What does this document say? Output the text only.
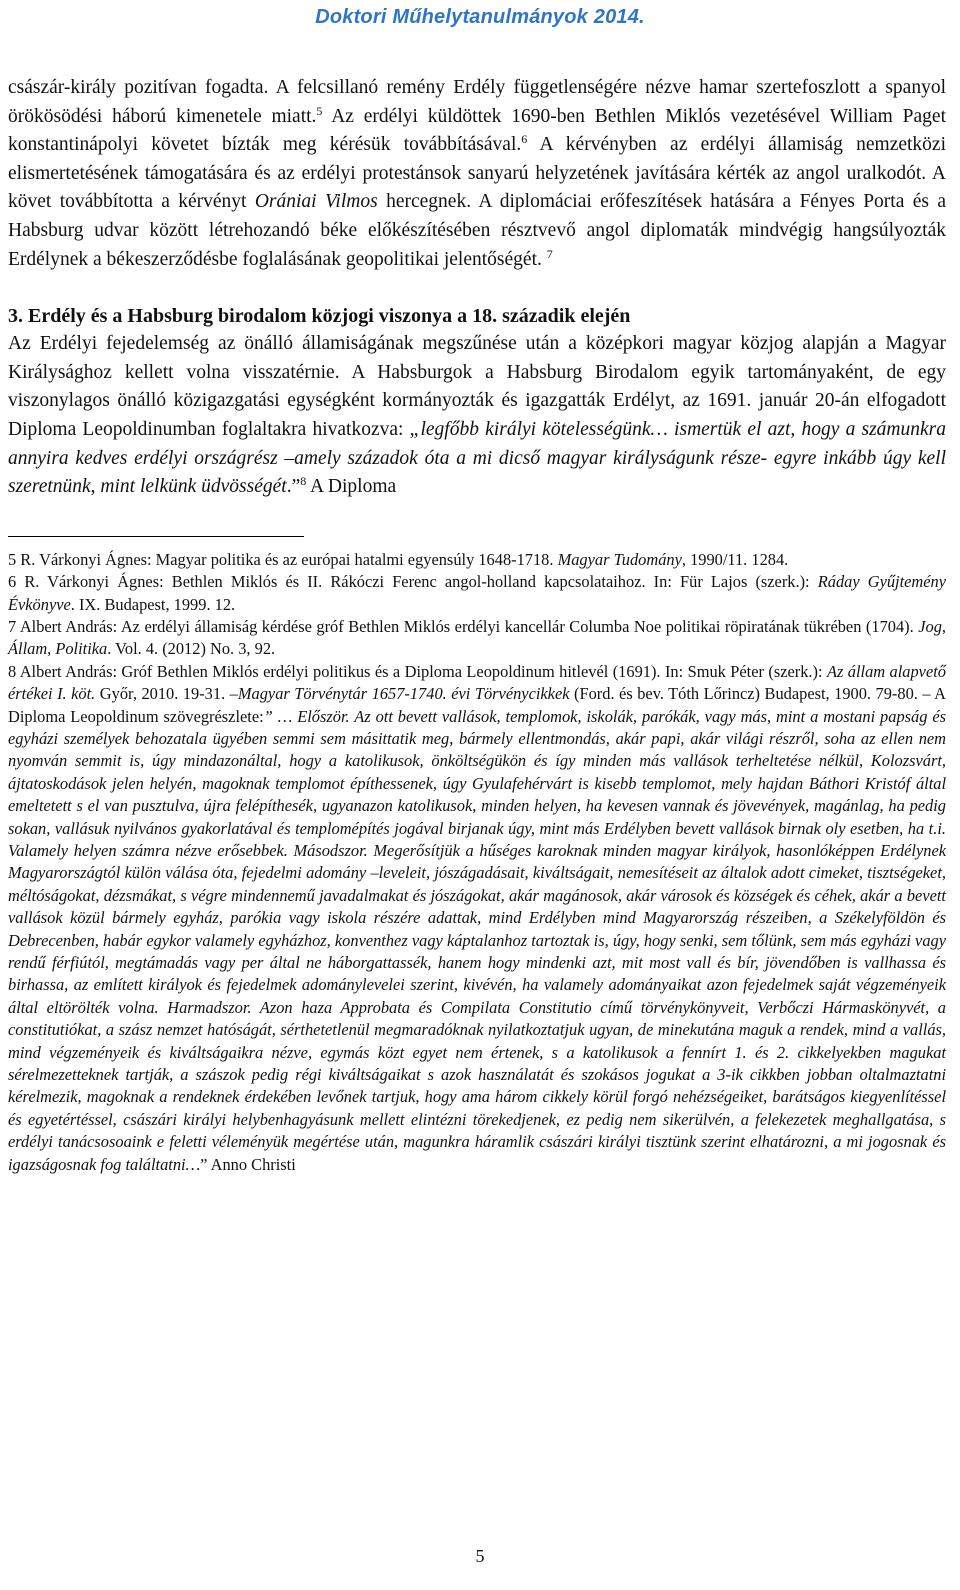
Doktori Műhelytanulmányok 2014.

császár-király pozitívan fogadta. A felcsillanó remény Erdély függetlenségére nézve hamar szertefoszlott a spanyol örökösödési háború kimenetele miatt.$^5$ Az erdélyi küldöttek 1690-ben Bethlen Miklós vezetésével William Paget konstantinápolyi követet bízták meg kérésük továbbításával.$^6$ A kérvényben az erdélyi államiság nemzetközi elismertetésének támogatására és az erdélyi protestánsok sanyarú helyzetének javítására kérték az angol uralkodót. A követ továbbította a kérvényt Orániai Vilmos hercegnek. A diplomáciai erőfeszítések hatására a Fényes Porta és a Habsburg udvar között létrehozandó béke előkészítésében résztvevő angol diplomaták mindvégig hangsúlyozták Erdélynek a békeszerződésbe foglalásának geopolitikai jelentőségét. $^7$

3. Erdély és a Habsburg birodalom közjogi viszonya a 18. századik elején

Az Erdélyi fejedelemség az önálló államiságának megszűnése után a középkori magyar közjog alapján a Magyar Királysághoz kellett volna visszatérnie. A Habsburgok a Habsburg Birodalom egyik tartományaként, de egy viszonylagos önálló közigazgatási egységként kormányozták és igazgatták Erdélyt, az 1691. január 20-án elfogadott Diploma Leopoldinumban foglaltakra hivatkozva: „legfőbb királyi kötelességünk… ismertük el azt, hogy a számunkra annyira kedves erdélyi országrész –amely századok óta a mi dicső magyar királyságunk része- egyre inkább úgy kell szeretnünk, mint lelkünk üdvösségét.”$^8$ A Diploma

5 R. Várkonyi Ágnes: Magyar politika és az európai hatalmi egyensúly 1648-1718. Magyar Tudomány, 1990/11. 1284.

6 R. Várkonyi Ágnes: Bethlen Miklós és II. Rákóczi Ferenc angol-holland kapcsolataihoz. In: Für Lajos (szerk.): Ráday Gyűjtemény Évkönyve. IX. Budapest, 1999. 12.

7 Albert András: Az erdélyi államiság kérdése gróf Bethlen Miklós erdélyi kancellár Columba Noe politikai röpiratának tükrében (1704). Jog, Állam, Politika. Vol. 4. (2012) No. 3, 92.

8 Albert András: Gróf Bethlen Miklós erdélyi politikus és a Diploma Leopoldinum hitlevél (1691). In: Smuk Péter (szerk.): Az állam alapvető értékei I. köt. Győr, 2010. 19-31. –Magyar Törvénytár 1657-1740. évi Törvénycikkek (Ford. és bev. Tóth Lőrincz) Budapest, 1900. 79-80. – A Diploma Leopoldinum szövegrészlete:” … Először. Az ott bevett vallások, templomok, iskolák, parókák, vagy más, mint a mostani papság és egyházi személyek behozatala ügyében semmi sem másittatik meg, bármely ellentmondás, akár papi, akár világi részről, soha az ellen nem nyomván semmit is, úgy mindazonáltal, hogy a katolikusok, önköltségükön és így minden más vallások terheltetése nélkül, Kolozsvárt, ájtatoskodások jelen helyén, magoknak templomot építhessenek, úgy Gyulafehérvárt is kisebb templomot, mely hajdan Báthori Kristóf által emeltetett s el van pusztulva, újra felépíthesék, ugyanazon katolikusok, minden helyen, ha kevesen vannak és jövevények, magánlag, ha pedig sokan, vallásuk nyilvános gyakorlatával és templomépítés jogával birjanak úgy, mint más Erdélyben bevett vallások birnak oly esetben, ha t.i. Valamely helyen számra nézve erősebbek. Másodszor. Megerősítjük a hűséges karoknak minden magyar királyok, hasonlóképpen Erdélynek Magyarországtól külön válása óta, fejedelmi adomány –leveleit, jószágadásait, kiváltságait, nemesítéseit az általok adott cimeket, tisztségeket, méltóságokat, dézsmákat, s végre mindennemű javadalmakat és jószágokat, akár magánosok, akár városok és községek és céhek, akár a bevett vallások közül bármely egyház, parókia vagy iskola részére adattak, mind Erdélyben mind Magyarország részeiben, a Székelyföldön és Debrecenben, habár egykor valamely egyházhoz, konventhez vagy káptalanhoz tartoztak is, úgy, hogy senki, sem tőlünk, sem más egyházi vagy rendű férfiútól, megtámadás vagy per által ne háborgattassék, hanem hogy mindenki azt, mit most vall és bír, jövendőben is vallhassa és birhassa, az említett királyok és fejedelmek adománylevelei szerint, kivévén, ha valamely adományaikat azon fejedelmek saját végzeményeik által eltörölték volna. Harmadszor. Azon haza Approbata és Compilata Constitutio című törvénykönyveit, Verbőczi Hármaskönyvét, a constitutiókat, a szász nemzet hatóságát, sérthetetlenül megmaradóknak nyilatkoztatjuk ugyan, de minekutána maguk a rendek, mind a vallás, mind végzeményeik és kiváltságaikra nézve, egymás közt egyet nem értenek, s a katolikusok a fennírt 1. és 2. cikkelyekben magukat sérelmezetteknek tartják, a szászok pedig régi kiváltságaikat s azok használatát és szokásos jogukat a 3-ik cikkben jobban oltalmaztatni kérelmezik, magoknak a rendeknek érdekében levőnek tartjuk, hogy ama három cikkely körül forgó nehézségeiket, barátságos kiegyenlítéssel és egyetértéssel, császári királyi helybenhagyásunk mellett elintézni törekedjenek, ez pedig nem sikerülvén, a felekezetek meghallgatása, s erdélyi tanácsosoaink e feletti véleményük megértése után, magunkra háramlik császári királyi tisztünk szerint elhatározni, a mi jogosnak és igazságosnak fog találtatni…” Anno Christi

5
